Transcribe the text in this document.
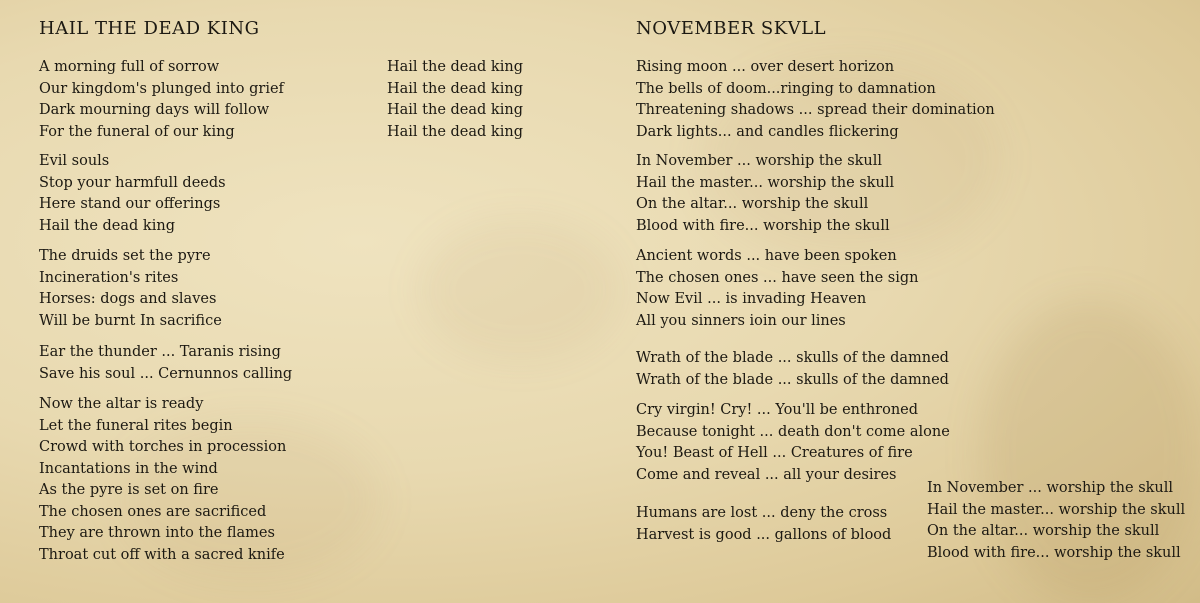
HAIL THE DEAD KING
A morning full of sorrow
Our kingdom's plunged into grief
Dark mourning days will follow
For the funeral of our king
Hail the dead king
Hail the dead king
Hail the dead king
Hail the dead king
Evil souls
Stop your harmfull deeds
Here stand our offerings
Hail the dead king
The druids set the pyre
Incineration's rites
Horses: dogs and slaves
Will be burnt In sacrifice
Ear the thunder ... Taranis rising
Save his soul ... Cernunnos calling
Now the altar is ready
Let the funeral rites begin
Crowd with torches in procession
Incantations in the wind
As the pyre is set on fire
The chosen ones are sacrificed
They are thrown into the flames
Throat cut off with a sacred knife
NOVEMBER SKVLL
Rising moon ... over desert horizon
The bells of doom...ringing to damnation
Threatening shadows ... spread their domination
Dark lights... and candles flickering
In November ... worship the skull
Hail the master... worship the skull
On the altar... worship the skull
Blood with fire... worship the skull
Ancient words ... have been spoken
The chosen ones ... have seen the sign
Now Evil ... is invading Heaven
All you sinners ioin our lines
Wrath of the blade ... skulls of the damned
Wrath of the blade ... skulls of the damned
Cry virgin! Cry! ... You'll be enthroned
Because tonight ... death don't come alone
You! Beast of Hell ... Creatures of fire
Come and reveal ... all your desires
Humans are lost ... deny the cross
Harvest is good ... gallons of blood
In November ... worship the skull
Hail the master... worship the skull
On the altar... worship the skull
Blood with fire... worship the skull
